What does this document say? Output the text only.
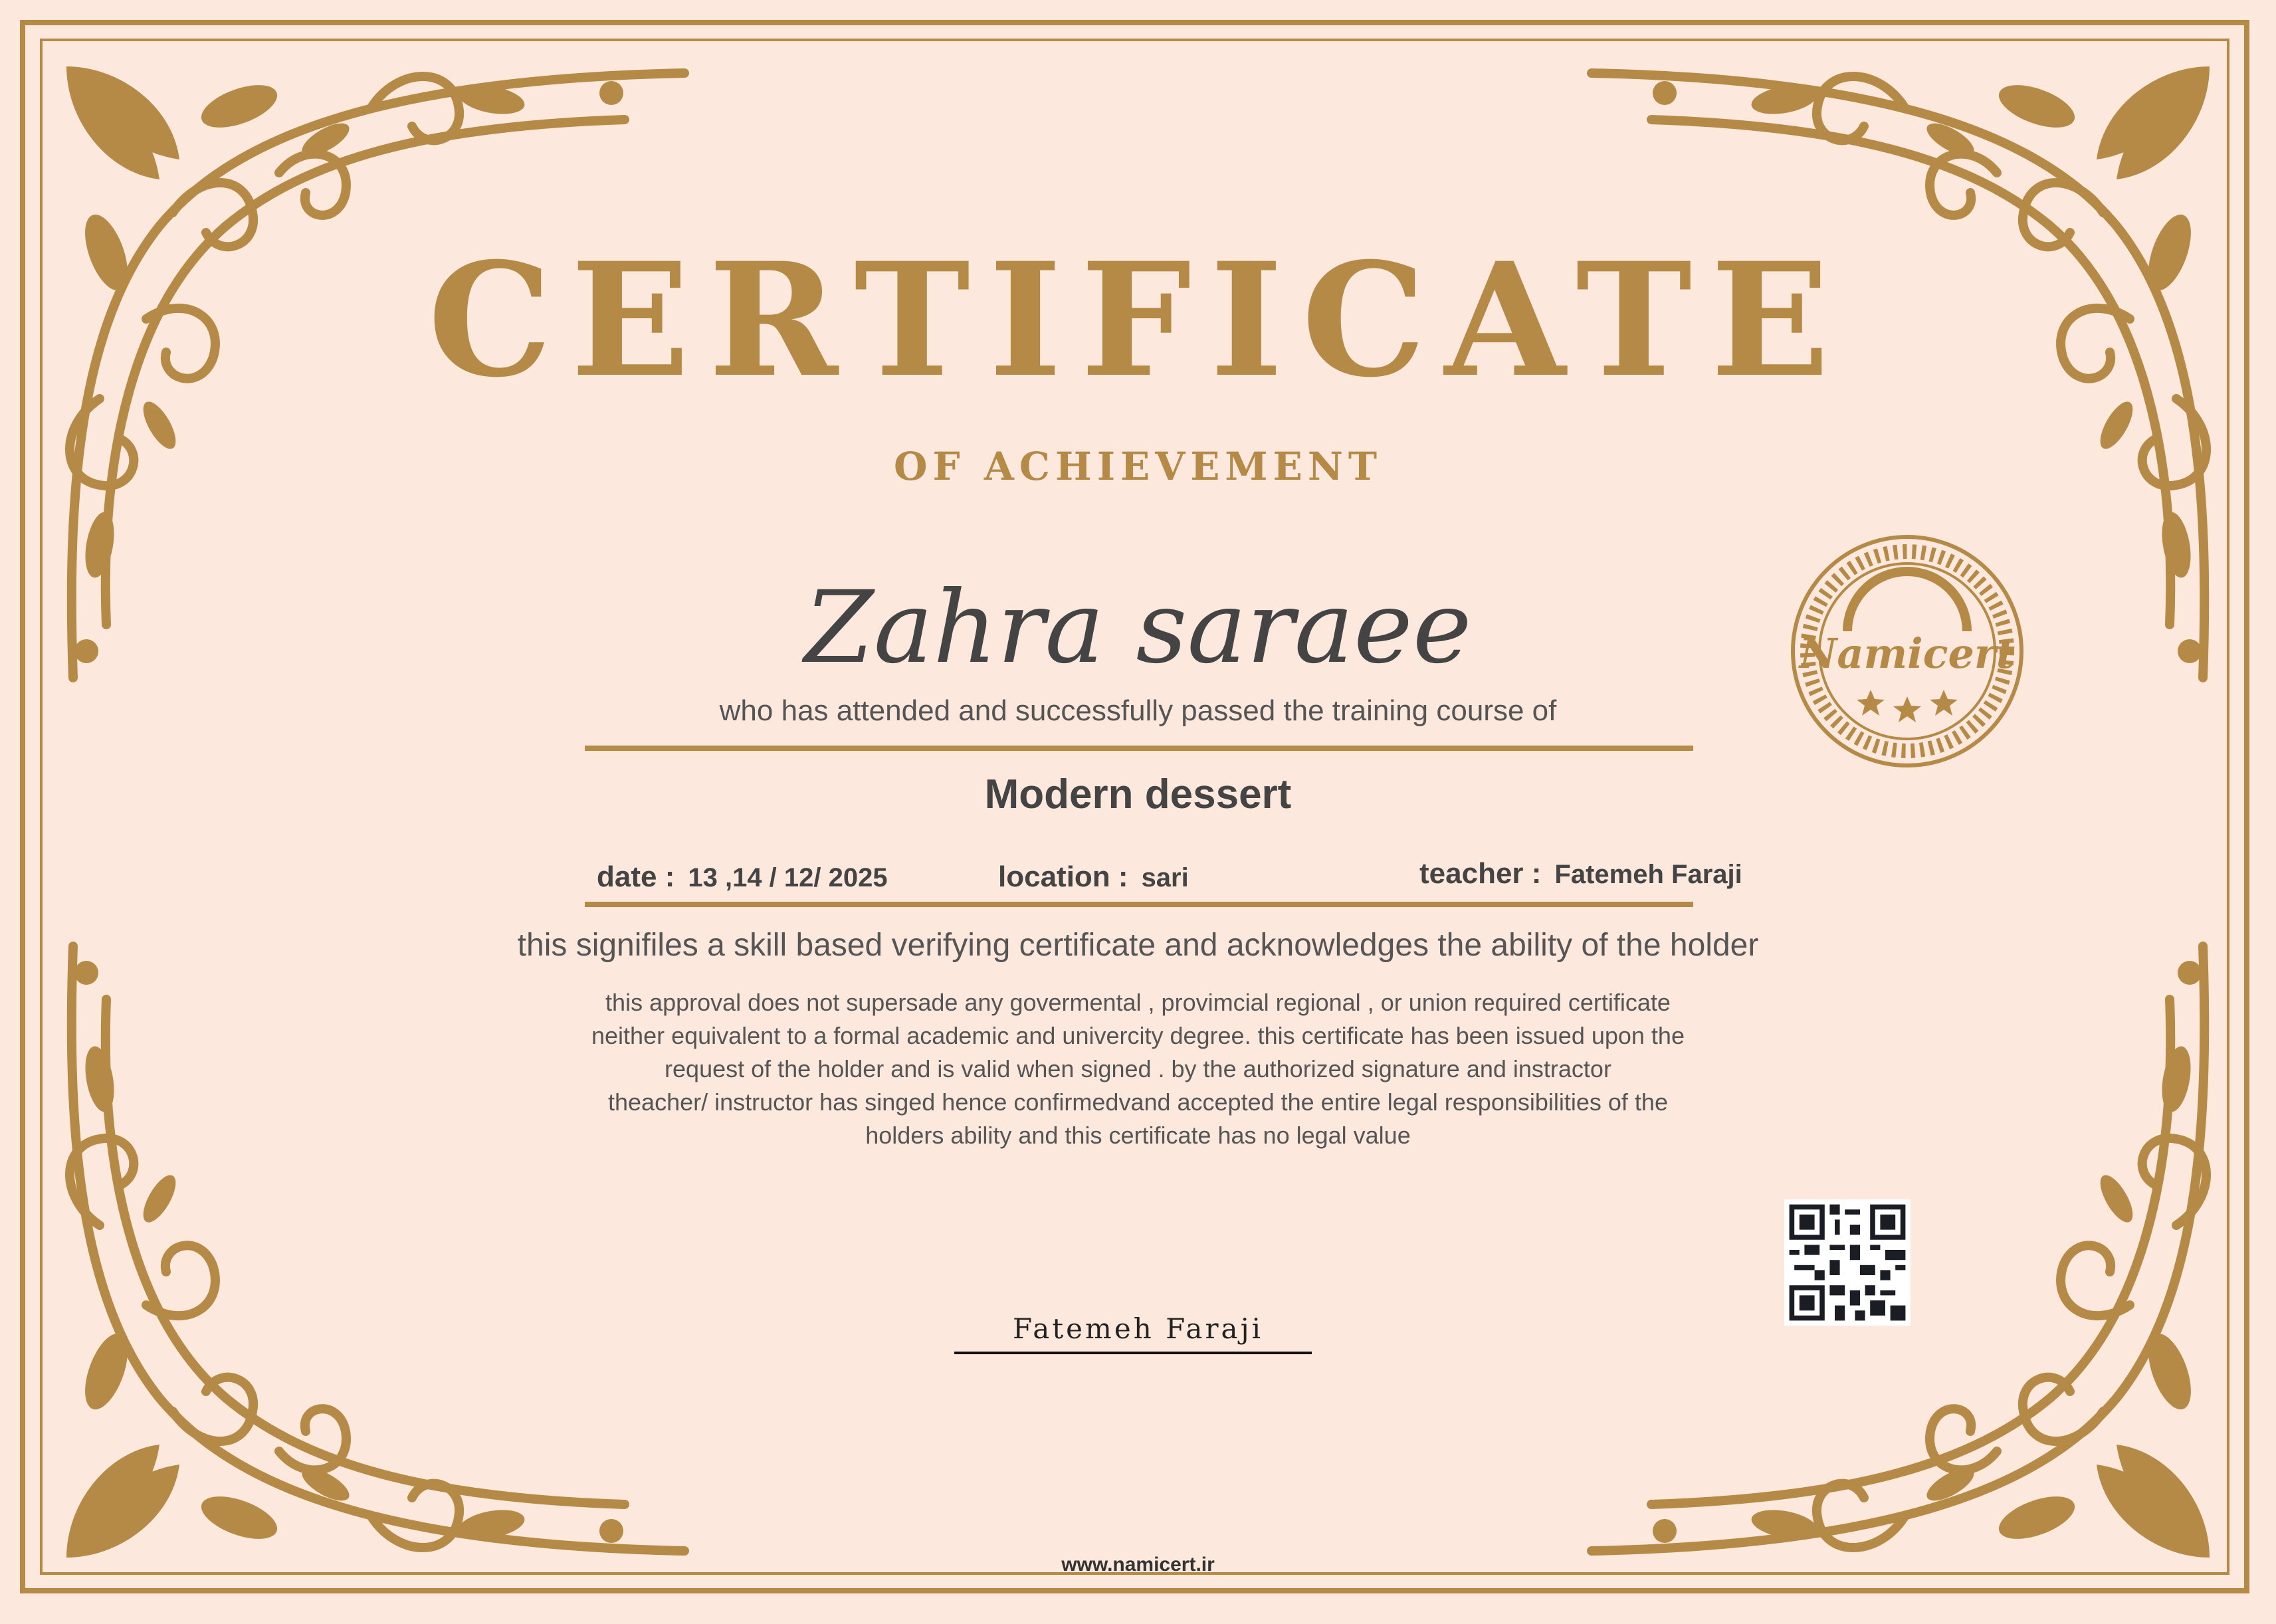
CERTIFICATE
OF ACHIEVEMENT
Zahra saraee
who has attended and successfully passed the training course of
Modern dessert
date : 13 ,14 / 12/ 2025	location : sari	teacher : Fatemeh Faraji
this signifiles a skill based verifying certificate and acknowledges the ability of the holder
this approval does not supersade any govermental , provimcial regional , or union required certificate
neither equivalent to a formal academic and univercity degree. this certificate has been issued upon the
request of the holder and is valid when signed . by the authorized signature and instractor
theacher/ instructor has singed hence confirmedvand accepted the entire legal responsibilities of the
holders ability and this certificate has no legal value
Namicert
Fatemeh Faraji
www.namicert.ir
